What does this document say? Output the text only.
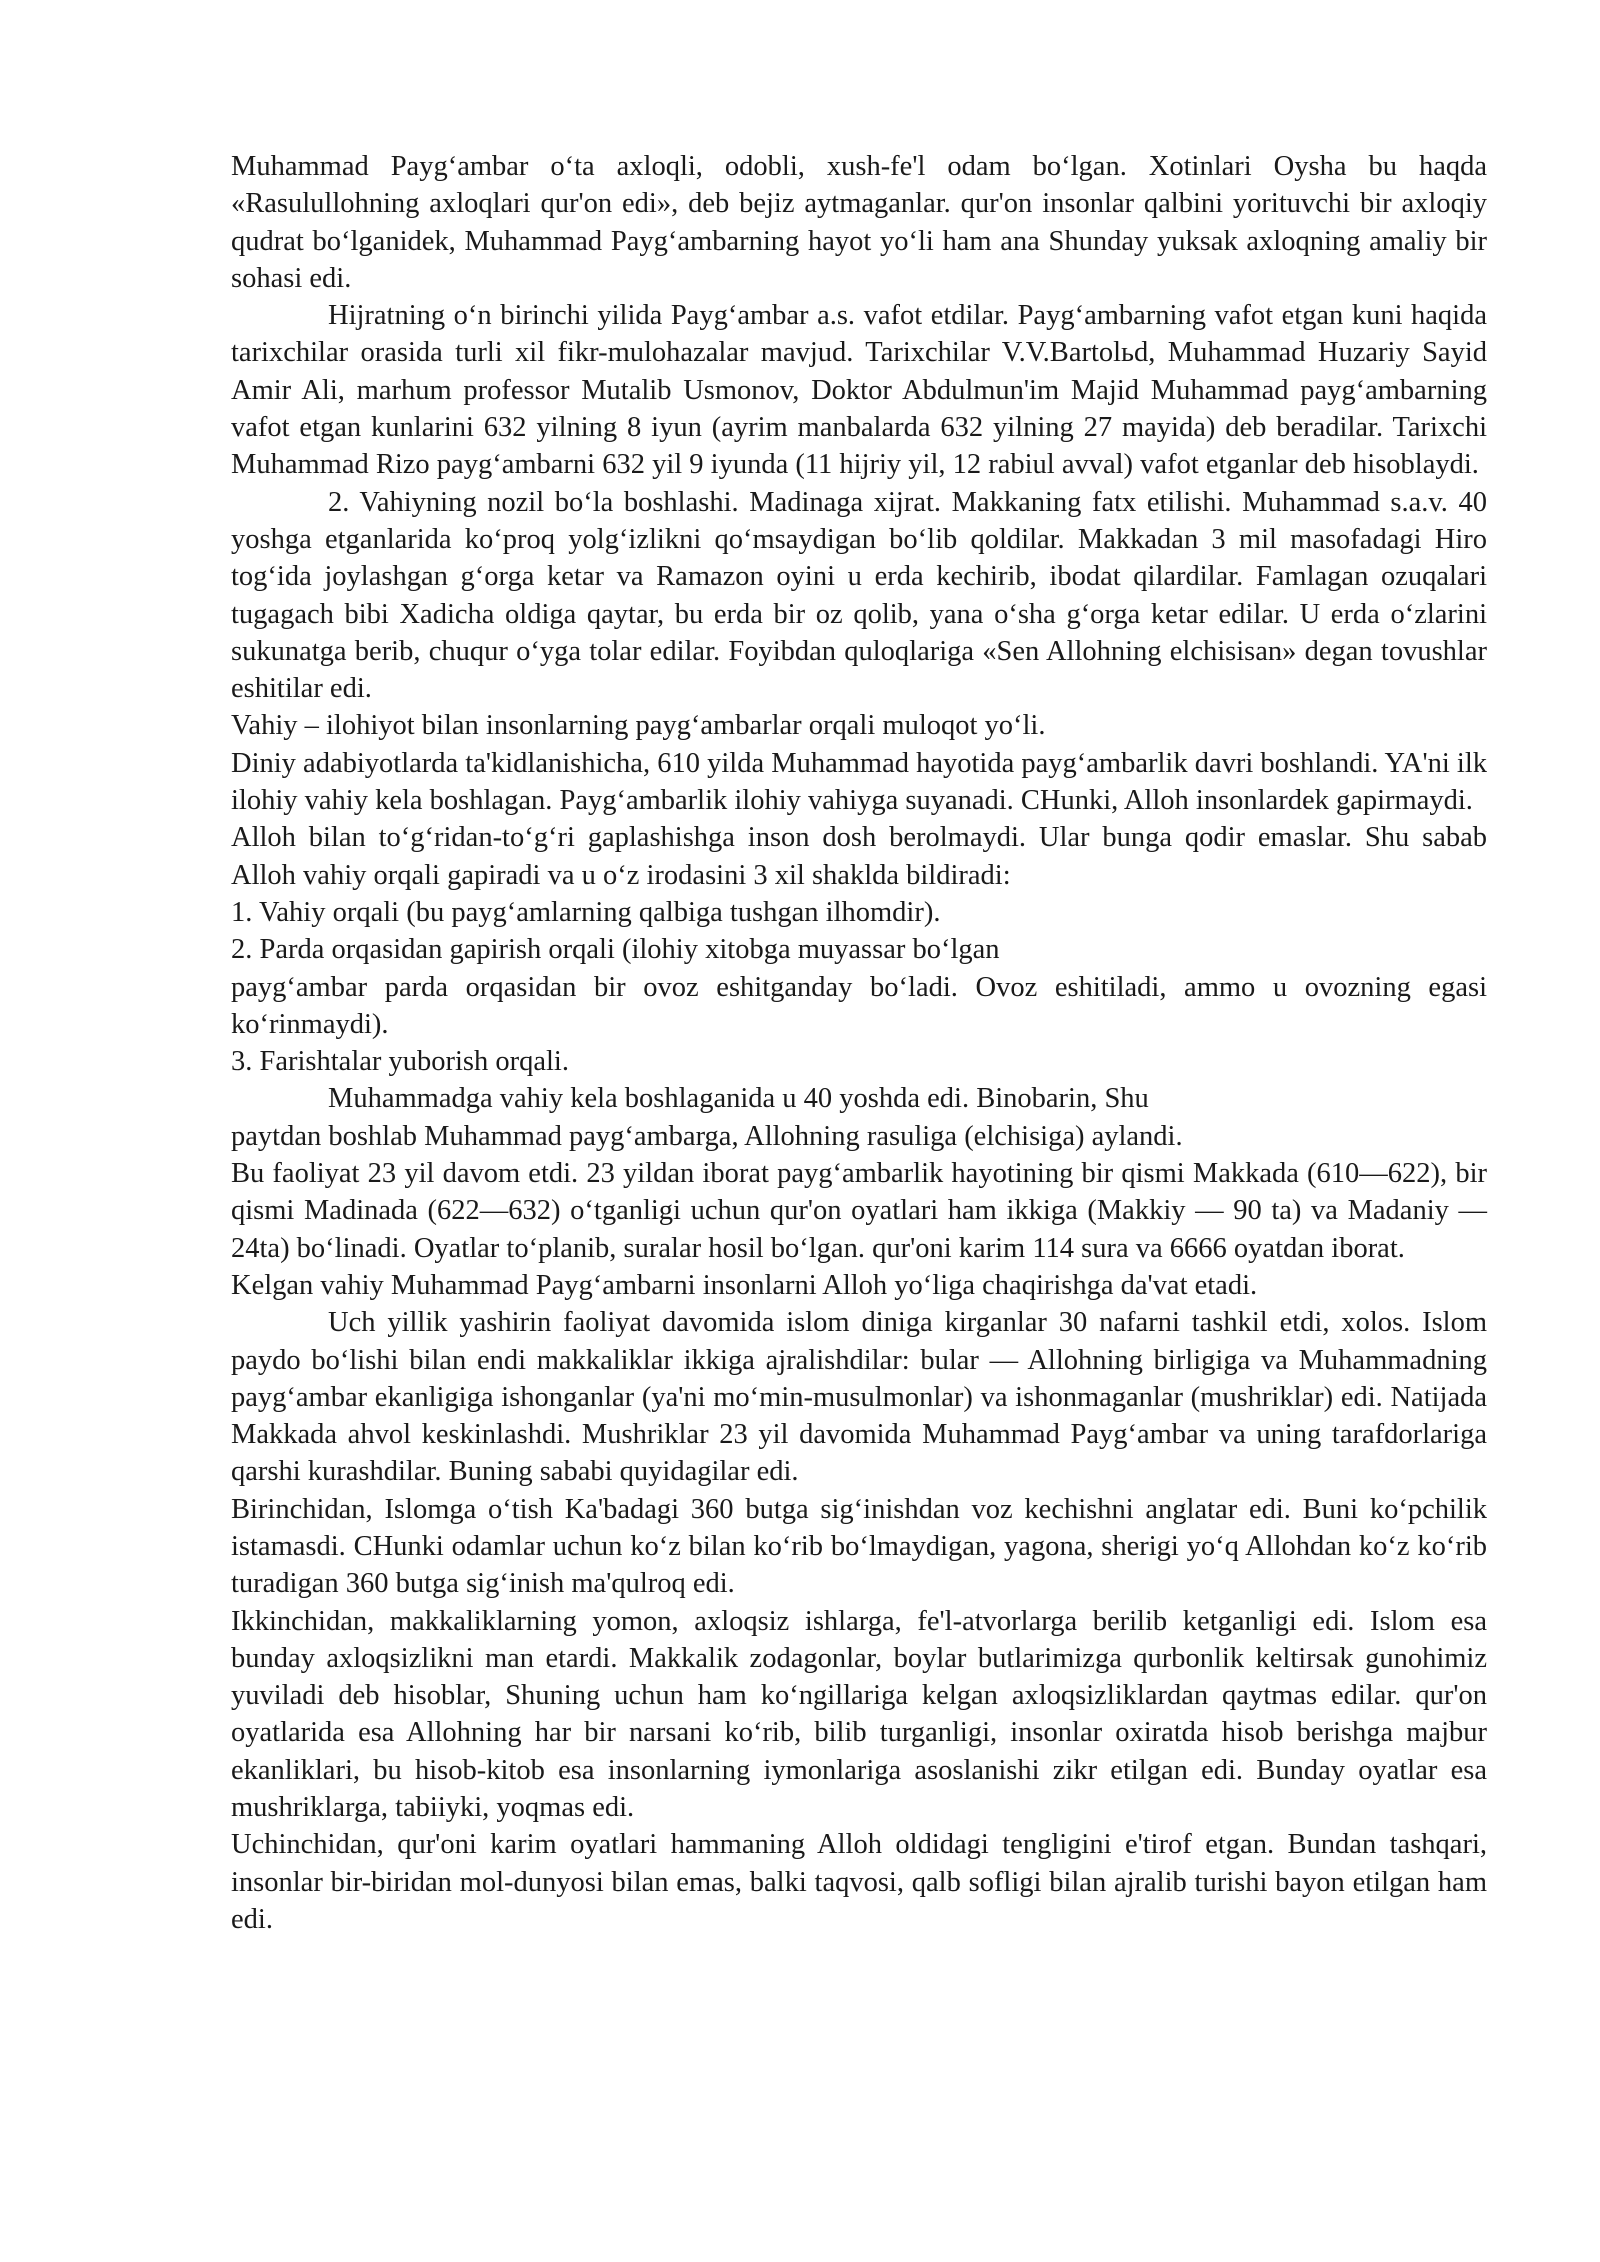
Muhammad Payg‘ambar o‘ta axloqli, odobli, xush-fe'l odam bo‘lgan. Xotinlari Oysha bu haqda «Rasulullohning axloqlari qur'on edi», deb bejiz aytmaganlar. qur'on insonlar qalbini yorituvchi bir axloqiy qudrat bo‘lganidek, Muhammad Payg‘ambarning hayot yo‘li ham ana Shunday yuksak axloqning amaliy bir sohasi edi.

Hijratning o‘n birinchi yilida Payg‘ambar a.s. vafot etdilar. Payg‘ambarning vafot etgan kuni haqida tarixchilar orasida turli xil fikr-mulohazalar mavjud. Tarixchilar V.V.Bartolьd, Muhammad Huzariy Sayid Amir Ali, marhum professor Mutalib Usmonov, Doktor Abdulmun'im Majid Muhammad payg‘ambarning vafot etgan kunlarini 632 yilning 8 iyun (ayrim manbalarda 632 yilning 27 mayida) deb beradilar. Tarixchi Muhammad Rizo payg‘ambarni 632 yil 9 iyunda (11 hijriy yil, 12 rabiul avval) vafot etganlar deb hisoblaydi.

2. Vahiyning nozil bo‘la boshlashi. Madinaga xijrat. Makkaning fatx etilishi. Muhammad s.a.v. 40 yoshga etganlarida ko‘proq yolg‘izlikni qo‘msaydigan bo‘lib qoldilar. Makkadan 3 mil masofadagi Hiro tog‘ida joylashgan g‘orga ketar va Ramazon oyini u erda kechirib, ibodat qilardilar. Famlagan ozuqalari tugagach bibi Xadicha oldiga qaytar, bu erda bir oz qolib, yana o‘sha g‘orga ketar edilar. U erda o‘zlarini sukunatga berib, chuqur o‘yga tolar edilar. Foyibdan quloqlariga «Sen Allohning elchisisan» degan tovushlar eshitilar edi.

Vahiy – ilohiyot bilan insonlarning payg‘ambarlar orqali muloqot yo‘li.

Diniy adabiyotlarda ta'kidlanishicha, 610 yilda Muhammad hayotida payg‘ambarlik davri boshlandi. YA'ni ilk ilohiy vahiy kela boshlagan. Payg‘ambarlik ilohiy vahiyga suyanadi. CHunki, Alloh insonlardek gapirmaydi.

Alloh bilan to‘g‘ridan-to‘g‘ri gaplashishga inson dosh berolmaydi. Ular bunga qodir emaslar. Shu sabab Alloh vahiy orqali gapiradi va u o‘z irodasini 3 xil shaklda bildiradi:

1. Vahiy orqali (bu payg‘amlarning qalbiga tushgan ilhomdir).

2. Parda orqasidan gapirish orqali (ilohiy xitobga muyassar bo‘lgan

payg‘ambar parda orqasidan bir ovoz eshitganday bo‘ladi. Ovoz eshitiladi, ammo u ovozning egasi ko‘rinmaydi).

3. Farishtalar yuborish orqali.

Muhammadga vahiy kela boshlaganida u 40 yoshda edi. Binobarin, Shu

paytdan boshlab Muhammad payg‘ambarga, Allohning rasuliga (elchisiga) aylandi.

Bu faoliyat 23 yil davom etdi. 23 yildan iborat payg‘ambarlik hayotining bir qismi Makkada (610—622), bir qismi Madinada (622—632) o‘tganligi uchun qur'on oyatlari ham ikkiga (Makkiy — 90 ta) va Madaniy —24ta) bo‘linadi. Oyatlar to‘planib, suralar hosil bo‘lgan. qur'oni karim 114 sura va 6666 oyatdan iborat.

Kelgan vahiy Muhammad Payg‘ambarni insonlarni Alloh yo‘liga chaqirishga da'vat etadi.

Uch yillik yashirin faoliyat davomida islom diniga kirganlar 30 nafarni tashkil etdi, xolos. Islom paydo bo‘lishi bilan endi makkaliklar ikkiga ajralishdilar: bular — Allohning birligiga va Muhammadning payg‘ambar ekanligiga ishonganlar (ya'ni mo‘min-musulmonlar) va ishonmaganlar (mushriklar) edi. Natijada Makkada ahvol keskinlashdi. Mushriklar 23 yil davomida Muhammad Payg‘ambar va uning tarafdorlariga qarshi kurashdilar. Buning sababi quyidagilar edi.

Birinchidan, Islomga o‘tish Ka'badagi 360 butga sig‘inishdan voz kechishni anglatar edi. Buni ko‘pchilik istamasdi. CHunki odamlar uchun ko‘z bilan ko‘rib bo‘lmaydigan, yagona, sherigi yo‘q Allohdan ko‘z ko‘rib turadigan 360 butga sig‘inish ma'qulroq edi.

Ikkinchidan, makkaliklarning yomon, axloqsiz ishlarga, fe'l-atvorlarga berilib ketganligi edi. Islom esa bunday axloqsizlikni man etardi. Makkalik zodagonlar, boylar butlarimizga qurbonlik keltirsak gunohimiz yuviladi deb hisoblar, Shuning uchun ham ko‘ngillariga kelgan axloqsizliklardan qaytmas edilar. qur'on oyatlarida esa Allohning har bir narsani ko‘rib, bilib turganligi, insonlar oxiratda hisob berishga majbur ekanliklari, bu hisob-kitob esa insonlarning iymonlariga asoslanishi zikr etilgan edi. Bunday oyatlar esa mushriklarga, tabiiyki, yoqmas edi.

Uchinchidan, qur'oni karim oyatlari hammaning Alloh oldidagi tengligini e'tirof etgan. Bundan tashqari, insonlar bir-biridan mol-dunyosi bilan emas, balki taqvosi, qalb sofligi bilan ajralib turishi bayon etilgan ham edi.
